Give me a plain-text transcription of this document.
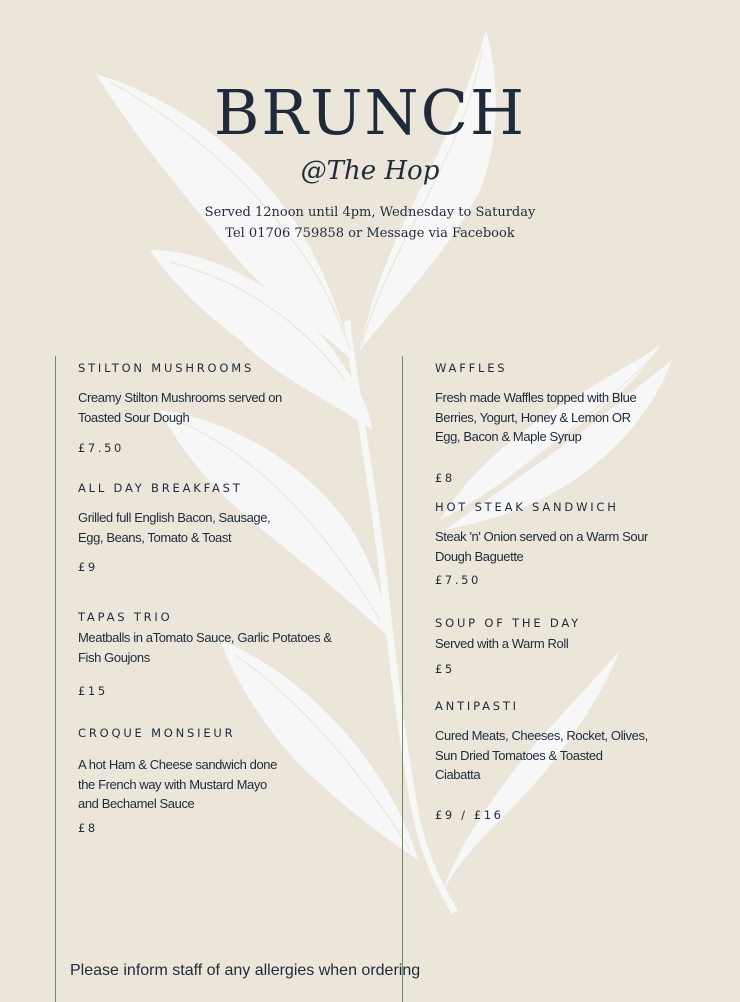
BRUNCH
@The Hop
Served 12noon until 4pm, Wednesday to Saturday
Tel 01706 759858 or Message via Facebook
STILTON MUSHROOMS
Creamy Stilton Mushrooms served on
Toasted Sour Dough
£7.50
ALL DAY BREAKFAST
Grilled full English Bacon, Sausage,
Egg, Beans, Tomato & Toast
£9
TAPAS TRIO
Meatballs in aTomato Sauce, Garlic Potatoes &
Fish Goujons
£15
CROQUE MONSIEUR
A hot Ham & Cheese sandwich done
the French way with Mustard Mayo
and Bechamel Sauce
£8
WAFFLES
Fresh made Waffles topped with Blue
Berries, Yogurt, Honey & Lemon OR
Egg, Bacon & Maple Syrup
£8
HOT STEAK SANDWICH
Steak 'n' Onion served on a Warm Sour
Dough Baguette
£7.50
SOUP OF THE DAY
Served with a Warm Roll
£5
ANTIPASTI
Cured Meats, Cheeses, Rocket, Olives,
Sun Dried Tomatoes & Toasted
Ciabatta
£9 / £16
Please inform staff of any allergies when ordering
